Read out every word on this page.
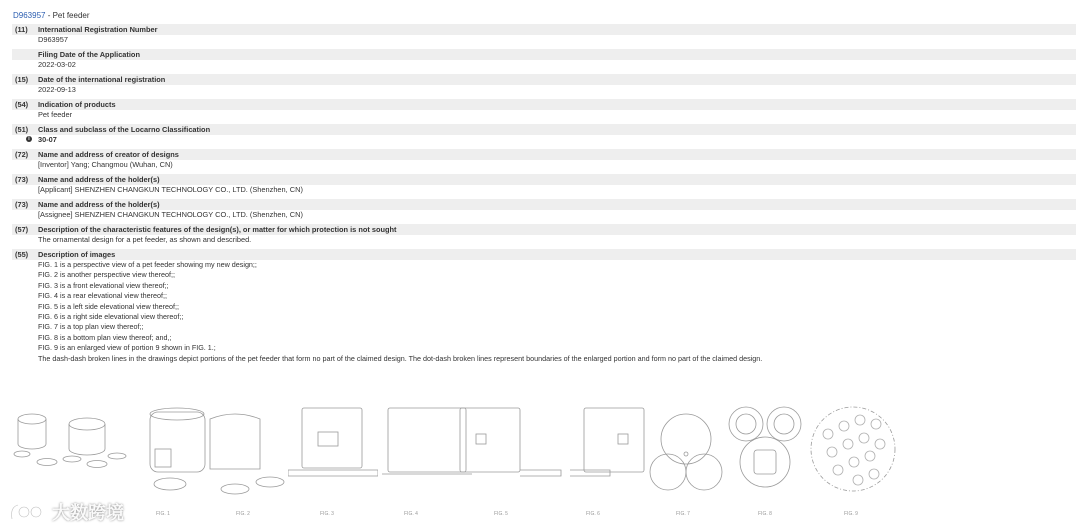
D963957 - Pet feeder
(11) International Registration Number
D963957
Filing Date of the Application
2022-03-02
(15) Date of the international registration
2022-09-13
(54) Indication of products
Pet feeder
(51) Class and subclass of the Locarno Classification
i	30-07
(72) Name and address of creator of designs
[Inventor] Yang; Changmou (Wuhan, CN)
(73) Name and address of the holder(s)
[Applicant] SHENZHEN CHANGKUN TECHNOLOGY CO., LTD. (Shenzhen, CN)
(73) Name and address of the holder(s)
[Assignee] SHENZHEN CHANGKUN TECHNOLOGY CO., LTD. (Shenzhen, CN)
(57) Description of the characteristic features of the design(s), or matter for which protection is not sought
The ornamental design for a pet feeder, as shown and described.
(55) Description of images
FIG. 1 is a perspective view of a pet feeder showing my new design;;
FIG. 2 is another perspective view thereof;;
FIG. 3 is a front elevational view thereof;;
FIG. 4 is a rear elevational view thereof;;
FIG. 5 is a left side elevational view thereof;;
FIG. 6 is a right side elevational view thereof;;
FIG. 7 is a top plan view thereof;;
FIG. 8 is a bottom plan view thereof; and,;
FIG. 9 is an enlarged view of portion 9 shown in FIG. 1.;
The dash-dash broken lines in the drawings depict portions of the pet feeder that form no part of the claimed design. The dot-dash broken lines represent boundaries of the enlarged portion and form no part of the claimed design.
FIG. 1	FIG. 2	FIG. 3	FIG. 4	FIG. 5	FIG. 6	FIG. 7	FIG. 8	FIG. 9
大数跨境
